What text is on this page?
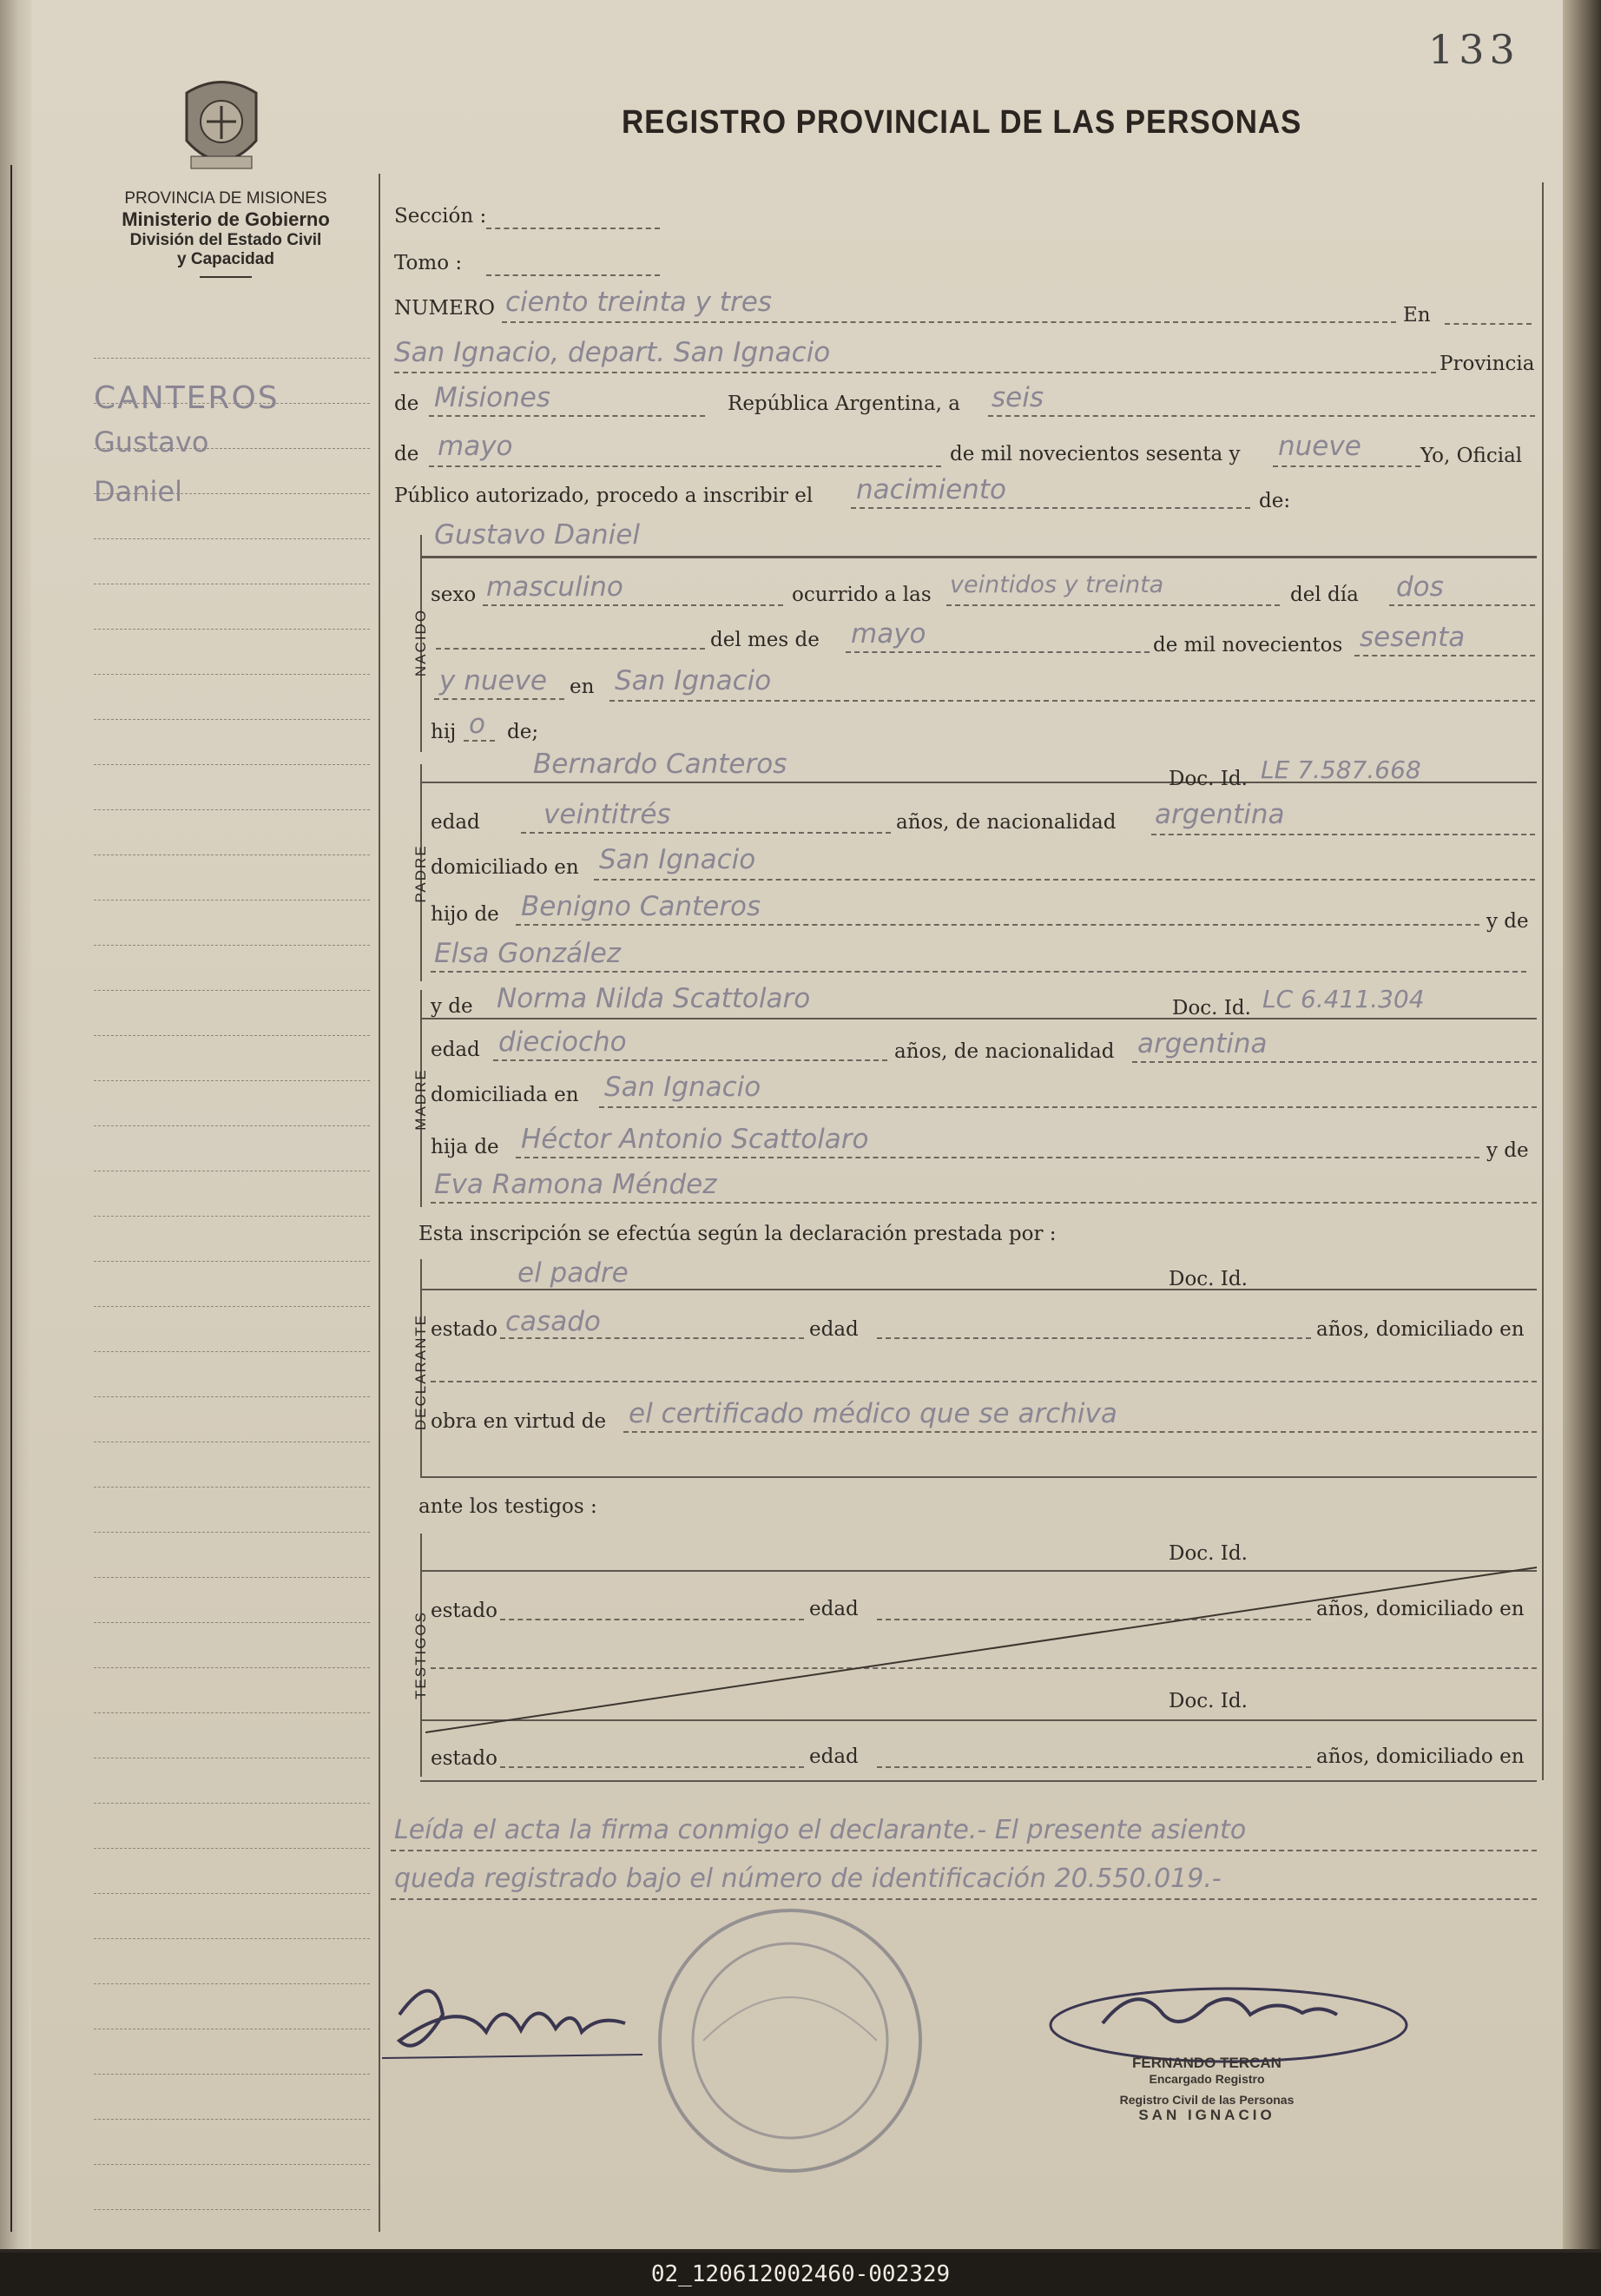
133
REGISTRO PROVINCIAL DE LAS PERSONAS
PROVINCIA DE MISIONES
Ministerio de Gobierno
División del Estado Civil
y Capacidad
CANTEROS
Gustavo
Daniel
Sección :
Tomo :
NUMERO ciento treinta y tres	En
San Ignacio, depart. San Ignacio	Provincia
de Misiones	República Argentina, a seis
de mayo	de mil novecientos sesenta y nueve	Yo, Oficial
Público autorizado, procedo a inscribir el nacimiento	de:
NACIDO
Gustavo Daniel
sexo masculino	ocurrido a las veintidos y treinta	del día dos
del mes de mayo	de mil novecientos sesenta
y nueve en San Ignacio
hij o de;
PADRE
Bernardo Canteros	Doc. Id. LE 7.587.668
edad veintitrés	años, de nacionalidad argentina
domiciliado en San Ignacio
hijo de Benigno Canteros	y de
Elsa González
MADRE
y de Norma Nilda Scattolaro	Doc. Id. LC 6.411.304
edad dieciocho	años, de nacionalidad argentina
domiciliada en San Ignacio
hija de Héctor Antonio Scattolaro	y de
Eva Ramona Méndez
Esta inscripción se efectúa según la declaración prestada por :
DECLARANTE
el padre	Doc. Id.
estado casado	edad	años, domiciliado en
obra en virtud de el certificado médico que se archiva
ante los testigos :
TESTIGOS
Doc. Id.
estado	edad	años, domiciliado en
Doc. Id.
estado	edad	años, domiciliado en
Leída el acta la firma conmigo el declarante.- El presente asiento
queda registrado bajo el número de identificación 20.550.019.-
FERNANDO TERCAN
Encargado Registro
Registro Civil de las Personas
SAN IGNACIO
02_120612002460-002329
